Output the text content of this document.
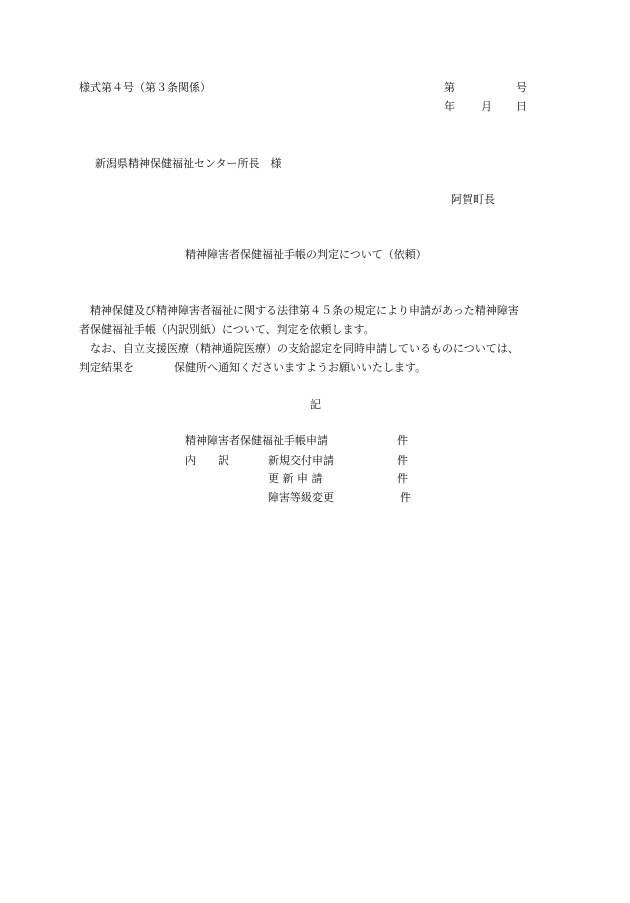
様式第４号（第３条関係）	第	号
年 月 日
新潟県精神保健福祉センター所長　様
阿賀町長
精神障害者保健福祉手帳の判定について（依頼）

精神保健及び精神障害者福祉に関する法律第４５条の規定により申請があった精神障害

者保健福祉手帳（内訳別紙）について、判定を依頼します。

なお、自立支援医療（精神通院医療）の支給認定を同時申請しているものについては、

判定結果を	保健所へ通知くださいますようお願いいたします。

記
精神障害者保健福祉手帳申請	件
内　　訳	新規交付申請	件
更 新 申 請	件
障害等級変更	件
